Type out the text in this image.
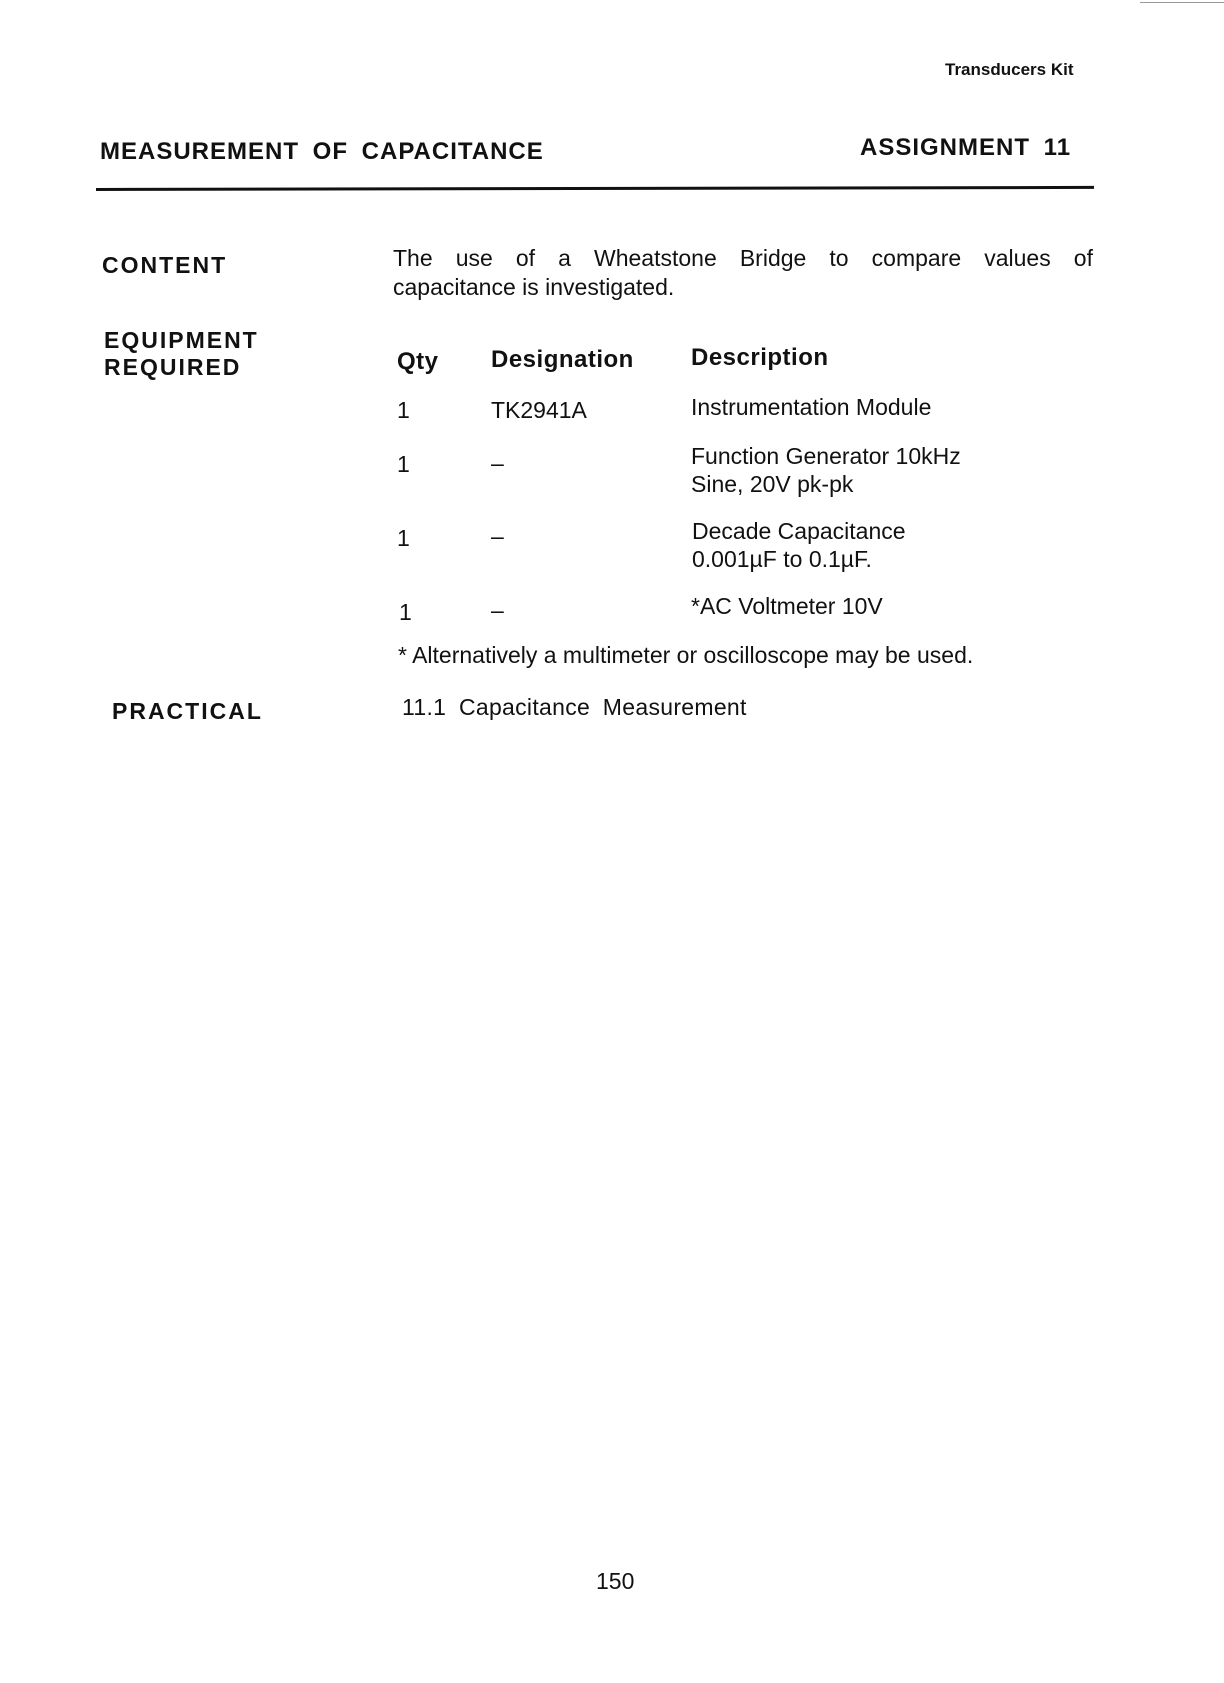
Transducers Kit
MEASUREMENT OF CAPACITANCE	ASSIGNMENT 11
CONTENT	The use of a Wheatstone Bridge to compare values of
capacitance is investigated.
EQUIPMENT
REQUIRED	Qty Designation Description
1	TK2941A	Instrumentation Module
1	–	Function Generator 10kHz
Sine, 20V pk-pk
1	–	Decade Capacitance
0.001µF to 0.1µF.
1	–	*AC Voltmeter 10V
* Alternatively a multimeter or oscilloscope may be used.
PRACTICAL	11.1 Capacitance Measurement
150
